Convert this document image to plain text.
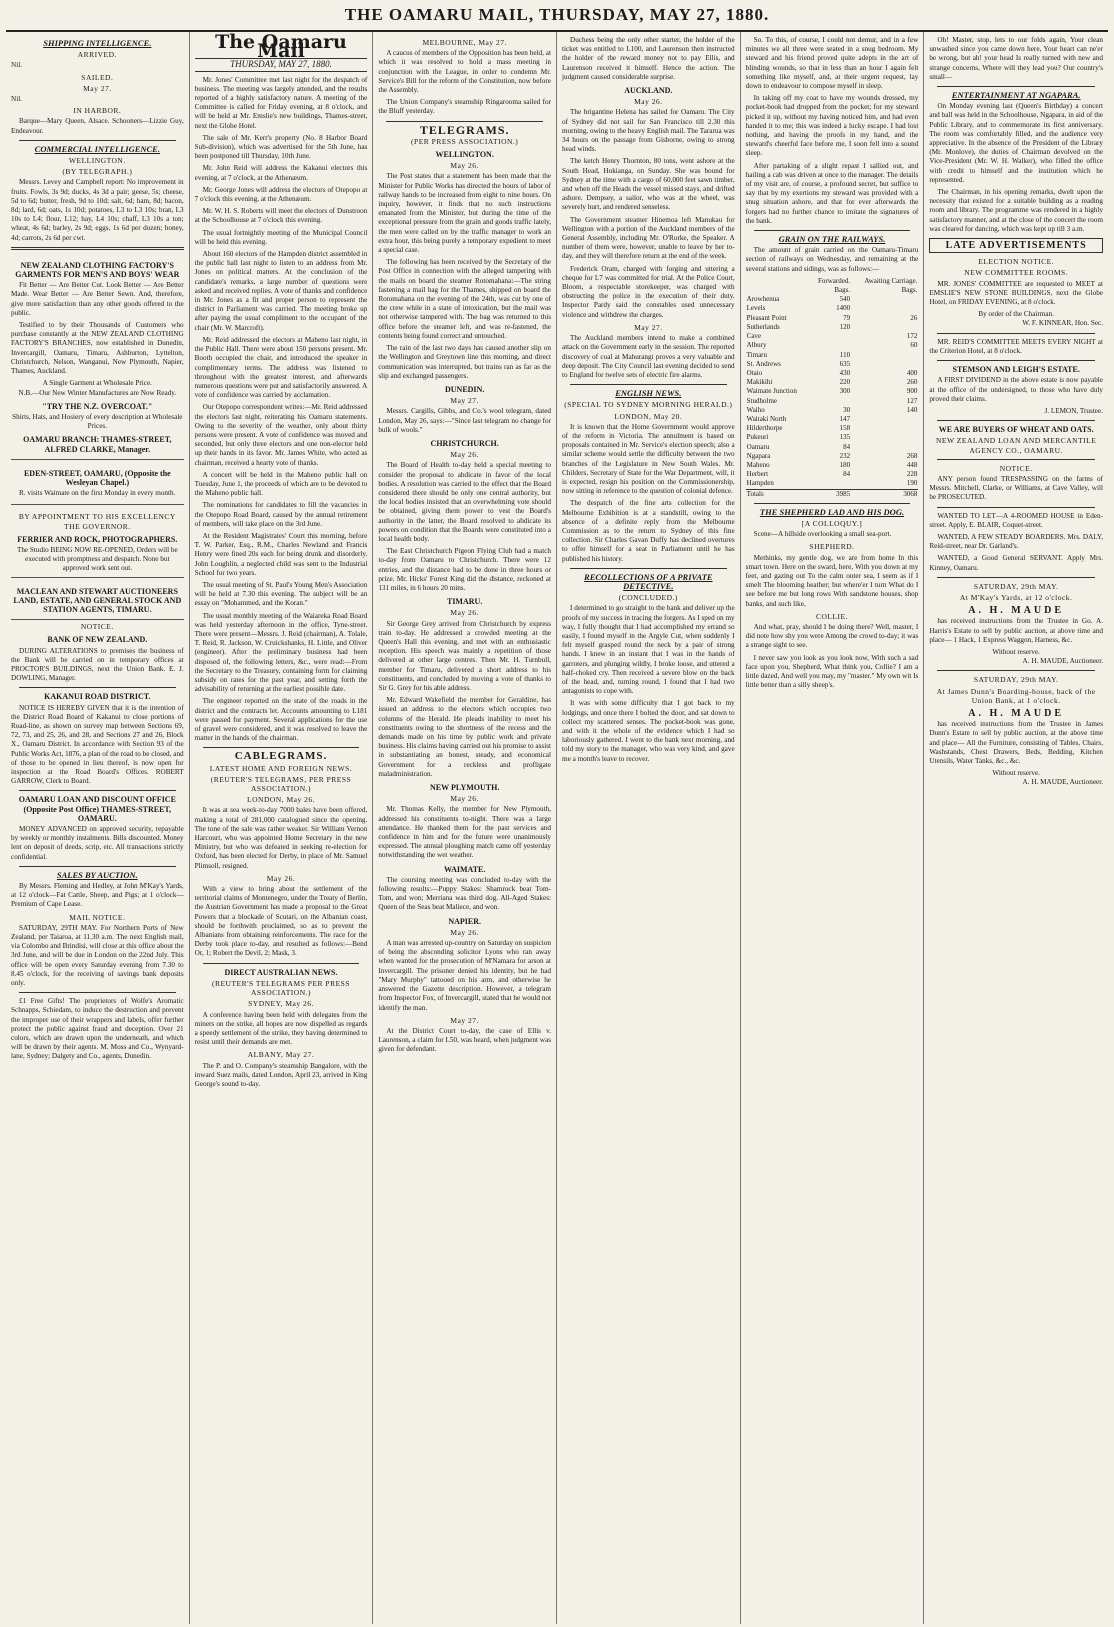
THE OAMARU MAIL, THURSDAY, MAY 27, 1880.
SHIPPING INTELLIGENCE.
ARRIVED.
Nil.
SAILED.
May 27.
Nil.
IN HARBOR.
Barque—Mary Queen, Alsace. Schooners—Lizzie Guy, Endeavour.
COMMERCIAL INTELLIGENCE.
WELLINGTON.
(BY TELEGRAPH.)
Messrs. Levey and Campbell report: No improvement in fruits. Fowls, 3s 9d; ducks, 4s 3d a pair; geese, 5s; cheese, 5d to 6d; butter, fresh, 9d to 10d; salt, 6d; ham, 8d; bacon, 8d; lard, 6d; oats, 1s 10d; potatoes, L3 to L3 10s; bran, L3 10s to L4; flour, L12; hay, L4 10s; chaff, L3 10s a ton; wheat, 4s 6d; barley, 2s 9d; eggs, 1s 6d per dozen; honey, 4d; carrots, 2s 6d per cwt.
NEW ZEALAND CLOTHING FACTORY'S GARMENTS FOR MEN'S AND BOYS' WEAR
Fit Better — Are Better Cut. Look Better — Are Better Made. Wear Better — Are Better Sewn. And, therefore, give more satisfaction than any other goods offered to the public.
Testified to by their Thousands of Customers who purchase constantly at the NEW ZEALAND CLOTHING FACTORY'S BRANCHES, now established in Dunedin, Invercargill, Oamaru, Timaru, Ashburton, Lyttelton, Christchurch, Nelson, Wanganui, New Plymouth, Napier, Thames, Auckland.
A Single Garment at Wholesale Price.
N.B.—Our New Winter Manufactures are Now Ready.
"TRY THE N.Z. OVERCOAT."
Shirts, Hats, and Hosiery of every description at Wholesale Prices.
OAMARU BRANCH: THAMES-STREET, ALFRED CLARKE, Manager.
EDEN-STREET, OAMARU, (Opposite the Wesleyan Chapel.)
R. visits Waimate on the first Monday in every month.
BY APPOINTMENT TO HIS EXCELLENCY THE GOVERNOR.
FERRIER AND ROCK, PHOTOGRAPHERS.
The Studio BEING NOW RE-OPENED, Orders will be executed with promptness and despatch. None but approved work sent out.
MACLEAN AND STEWART AUCTIONEERS LAND, ESTATE, AND GENERAL STOCK AND STATION AGENTS, TIMARU.
NOTICE.
BANK OF NEW ZEALAND.
DURING ALTERATIONS to premises the business of the Bank will be carried on in temporary offices at PROCTOR'S BUILDINGS, next the Union Bank. E. J. DOWLING, Manager.
KAKANUI ROAD DISTRICT.
NOTICE IS HEREBY GIVEN that it is the intention of the District Road Board of Kakanui to close portions of Road-line, as shown on survey map between Sections 69, 72, 73, and 25, 26, and 28, and Sections 27 and 26, Block X., Oamaru District. In accordance with Section 93 of the Public Works Act, 1876, a plan of the road to be closed, and of those to be opened in lieu thereof, is now open for inspection at the Road Board's Offices. ROBERT GARROW, Clerk to Board.
OAMARU LOAN AND DISCOUNT OFFICE (Opposite Post Office) THAMES-STREET, OAMARU.
MONEY ADVANCED on approved security, repayable by weekly or monthly instalments. Bills discounted. Money lent on deposit of deeds, scrip, etc. All transactions strictly confidential.
SALES BY AUCTION.
By Messrs. Fleming and Hedley, at John M'Kay's Yards, at 12 o'clock—Fat Cattle, Sheep, and Pigs; at 1 o'clock—Premium of Cape Lease.
MAIL NOTICE.
SATURDAY, 29TH MAY. For Northern Ports of New Zealand, per Taiaroa, at 11.30 a.m. The next English mail, via Colombo and Brindisi, will close at this office about the 3rd June, and will be due in London on the 22nd July. This office will be open every Saturday evening from 7.30 to 8.45 o'clock, for the receiving of savings bank deposits only.
£1 Free Gifts! The proprietors of Wolfe's Aromatic Schnapps, Schiedam, to induce the destruction and prevent the improper use of their wrappers and labels, offer further protect the public against fraud and deception. Over 21 colors, which are drawn upon the underneath, and which will be drawn by their agents. M. Moss and Co., Wynyard-lane, Sydney; Dalgety and Co., agents, Dunedin.
The Oamaru Mail
THURSDAY, MAY 27, 1880.
Mr. Jones' Committee met last night for the despatch of business. The meeting was largely attended, and the results reported of a highly satisfactory nature. A meeting of the Committee is called for Friday evening, at 8 o'clock, and will be held at Mr. Emslie's new buildings, Thames-street, next the Globe Hotel.
The sale of Mr. Kerr's property (No. 8 Harbor Board Sub-division), which was advertised for the 5th June, has been postponed till Thursday, 10th June.
Mr. John Reid will address the Kakanui electors this evening, at 7 o'clock, at the Athenæum.
Mr. George Jones will address the electors of Otepopo at 7 o'clock this evening, at the Athenæum.
Mr. W. H. S. Roberts will meet the electors of Dunstroon at the Schoolhouse at 7 o'clock this evening.
The usual fortnightly meeting of the Municipal Council will be held this evening.
About 160 electors of the Hampden district assembled in the public hall last night to listen to an address from Mr. Jones on political matters. At the conclusion of the candidate's remarks, a large number of questions were asked and received replies. A vote of thanks and confidence in Mr. Jones as a fit and proper person to represent the district in Parliament was carried. The meeting broke up after paying the usual compliment to the occupant of the chair (Mr. W. Marcroft).
Mr. Reid addressed the electors at Maheno last night, in the Public Hall. There were about 150 persons present. Mr. Booth occupied the chair, and introduced the speaker in complimentary terms. The address was listened to throughout with the greatest interest, and afterwards numerous questions were put and satisfactorily answered. A vote of confidence was carried by acclamation.
Our Otepopo correspondent writes:—Mr. Reid addressed the electors last night, reiterating his Oamaru statements. Owing to the severity of the weather, only about thirty persons were present. A vote of confidence was moved and seconded, but only three electors and one non-elector held up their hands in its favor. Mr. James White, who acted as chairman, received a hearty vote of thanks.
A concert will be held in the Maheno public hall on Tuesday, June 1, the proceeds of which are to be devoted to the Maheno public hall.
The nominations for candidates to fill the vacancies in the Otepopo Road Board, caused by the annual retirement of members, will take place on the 3rd June.
At the Resident Magistrates' Court this morning, before T. W. Parker, Esq., R.M., Charles Newland and Francis Henry were fined 20s each for being drunk and disorderly. John Loughlin, a neglected child was sent to the Industrial School for two years.
The usual meeting of St. Paul's Young Men's Association will be held at 7.30 this evening. The subject will be an essay on "Mohammed, and the Koran."
The usual monthly meeting of the Waiareka Road Board was held yesterday afternoon in the office, Tyne-street. There were present—Messrs. J. Reid (chairman), A. Tolale, T. Reid, R. Jackson, W. Cruickshanks, H. Little, and Oliver (engineer). After the preliminary business had been disposed of, the following letters, &c., were read:—From the Secretary to the Treasury, containing form for claiming subsidy on rates for the past year, and setting forth the advisability of returning at the earliest possible date.
The engineer reported on the state of the roads in the district and the contracts let. Accounts amounting to L181 were passed for payment. Several applications for the use of gravel were considered, and it was resolved to leave the matter in the hands of the chairman.
CABLEGRAMS.
LATEST HOME AND FOREIGN NEWS.
(REUTER'S TELEGRAMS, PER PRESS ASSOCIATION.)
LONDON, May 26.
It was at sea week-to-day 7000 bales have been offered, making a total of 281,000 catalogued since the opening. The tone of the sale was rather weaker. Sir William Vernon Harcourt, who was appointed Home Secretary in the new Ministry, but who was defeated in seeking re-election for Oxford, has been elected for Derby, in place of Mr. Samuel Plimsoll, resigned.
May 26.
With a view to bring about the settlement of the territorial claims of Montenegro, under the Treaty of Berlin, the Austrian Government has made a proposal to the Great Powers that a blockade of Scutari, on the Albanian coast, should be forthwith proclaimed, so as to prevent the Albanians from obtaining reinforcements. The race for the Derby took place to-day, and resulted as follows:—Bend Or, 1; Robert the Devil, 2; Mask, 3.
DIRECT AUSTRALIAN NEWS.
(REUTER'S TELEGRAMS PER PRESS ASSOCIATION.)
SYDNEY, May 26.
A conference having been held with delegates from the miners on the strike, all hopes are now dispelled as regards a speedy settlement of the strike, they having determined to resist until their demands are met.
ALBANY, May 27.
The P. and O. Company's steamship Bangalore, with the inward Suez mails, dated London, April 23, arrived in King George's sound to-day.
MELBOURNE, May 27.
A caucus of members of the Opposition has been held, at which it was resolved to hold a mass meeting in conjunction with the League, in order to condemn Mr. Service's Bill for the reform of the Constitution, now before the Assembly.
The Union Company's steamship Ringarooma sailed for the Bluff yesterday.
TELEGRAMS.
(PER PRESS ASSOCIATION.)
WELLINGTON.
May 26.
The Post states that a statement has been made that the Minister for Public Works has directed the hours of labor of railway hands to be increased from eight to nine hours. On inquiry, however, it finds that no such instructions emanated from the Minister, but during the time of the exceptional pressure from the grain and goods traffic lately, the men were called on by the traffic manager to work an extra hour, this being purely a temporary expedient to meet a special case.
The following has been received by the Secretary of the Post Office in connection with the alleged tampering with the mails on board the steamer Rotomahana:—The string fastening a mail bag for the Thames, shipped on board the Rotomahana on the evening of the 24th, was cut by one of the crew while in a state of intoxication, but the mail was not otherwise tampered with. The bag was returned to this office before the steamer left, and was re-fastened, the contents being found correct and untouched.
The rain of the last two days has caused another slip on the Wellington and Greytown line this morning, and direct communication was interrupted, but trains ran as far as the slip and exchanged passengers.
DUNEDIN.
May 27.
Messrs. Cargills, Gibbs, and Co.'s wool telegram, dated London, May 26, says:—"Since last telegram no change for bulk of wools."
CHRISTCHURCH.
May 26.
The Board of Health to-day held a special meeting to consider the proposal to abdicate in favor of the local bodies. A resolution was carried to the effect that the Board considered there should be only one central authority, but the local bodies insisted that an overwhelming vote should be obtained, giving them power to vest the Board's authority in the latter, the Board resolved to abdicate its powers on condition that the Boards were constituted into a local health body.
The East Christchurch Pigeon Flying Club had a match to-day from Oamaru to Christchurch. There were 12 entries, and the distance had to be done in three hours or prize. Mr. Hicks' Forest King did the distance, reckoned at 131 miles, in 6 hours 20 mins.
TIMARU.
May 26.
Sir George Grey arrived from Christchurch by express train to-day. He addressed a crowded meeting at the Queen's Hall this evening, and met with an enthusiastic reception. His speech was mainly a repetition of those delivered at other large centres. Then Mr. H. Turnbull, member for Timaru, delivered a short address to his constituents, and concluded by moving a vote of thanks to Sir G. Grey for his able address.
Mr. Edward Wakefield the member for Geraldine, has issued an address to the electors which occupies two columns of the Herald. He pleads inability to meet his constituents owing to the shortness of the recess and the demands made on his time by public work and private business. His claims having carried out his promise to assist in substantiating an honest, steady, and economical Government for a reckless and profligate maladministration.
NEW PLYMOUTH.
May 26.
Mr. Thomas Kelly, the member for New Plymouth, addressed his constituents to-night. There was a large attendance. He thanked them for the past services and confidence in him and for the future were unanimously expressed. The annual ploughing match came off yesterday notwithstanding the wet weather.
WAIMATE.
The coursing meeting was concluded to-day with the following results:—Puppy Stakes: Shamrock beat Tom-Tom, and won; Merriana was third dog. All-Aged Stakes: Queen of the Seas beat Maliece, and won.
NAPIER.
May 26.
A man was arrested up-country on Saturday on suspicion of being the absconding solicitor Lyons who ran away when wanted for the prosecution of M'Namara for arson at Invercargill. The prisoner denied his identity, but he had "Mary Murphy" tattooed on his arm, and otherwise he answered the Gazette description. However, a telegram from Inspector Fox, of Invercargill, stated that he would not identify the man.
May 27.
At the District Court to-day, the case of Ellis v. Laurenson, a claim for L50, was heard, when judgment was given for defendant.
Duchess being the only other starter, the holder of the ticket was entitled to L100, and Laurenson then instructed the holder of the reward money not to pay Ellis, and Laurenson received it himself. Hence the action. The judgment caused considerable surprise.
AUCKLAND.
May 26.
The brigantine Helena has sailed for Oamaru. The City of Sydney did not sail for San Francisco till 2.30 this morning, owing to the heavy English mail. The Tararua was 34 hours on the passage from Gisborne, owing to strong head winds.
The ketch Henry Thornton, 80 tons, went ashore at the South Head, Hokianga, on Sunday. She was bound for Sydney at the time with a cargo of 60,000 feet sawn timber, and when off the Heads the vessel missed stays, and drifted ashore. Dempsey, a sailor, who was at the wheel, was severely hurt, and rendered senseless.
The Government steamer Hinemoa left Manukau for Wellington with a portion of the Auckland members of the General Assembly, including Mr. O'Rorke, the Speaker. A number of them were, however, unable to leave by her to-day, and they will therefore return at the end of the week.
Frederick Oram, charged with forging and uttering a cheque for L7 was committed for trial. At the Police Court, Bloom, a respectable storekeeper, was charged with obstructing the police in the execution of their duty. Inspector Pardy said the constables used unnecessary violence and withdrew the charges.
May 27.
The Auckland members intend to make a combined attack on the Government early in the session. The reported discovery of coal at Mahurangi proves a very valuable and deep deposit. The City Council last evening decided to send to England for twelve sets of electric fire alarms.
ENGLISH NEWS.
(SPECIAL TO SYDNEY MORNING HERALD.)
LONDON, May 20.
It is known that the Home Government would approve of the reform in Victoria. The annulment is based on proposals contained in Mr. Service's election speech; also a similar scheme would settle the difficulty between the two branches of the Legislature in New South Wales. Mr. Childers, Secretary of State for the War Department, will, it is expected, resign his position on the Commissionership, now sitting in reference to the question of colonial defence.
The despatch of the fine arts collection for the Melbourne Exhibition is at a standstill, owing to the absence of a definite reply from the Melbourne Commission as to the return to Sydney of this fine collection. Sir Charles Gavan Duffy has declined overtures to offer himself for a seat in Parliament until he has published his history.
RECOLLECTIONS OF A PRIVATE DETECTIVE.
(CONCLUDED.)
I determined to go straight to the bank and deliver up the proofs of my success in tracing the forgers. As I sped on my way, I fully thought that I had accomplished my errand so easily, I found myself in the Argyle Cut, when suddenly I felt myself grasped round the neck by a pair of strong hands. I knew in an instant that I was in the hands of garroters, and plunging wildly, I broke loose, and uttered a half-choked cry. Then received a severe blow on the back of the head, and, turning round, I found that I had two antagonists to cope with.
It was with some difficulty that I got back to my lodgings, and once there I bolted the door, and sat down to collect my scattered senses. The pocket-book was gone, and with it the whole of the evidence which I had so laboriously gathered. I went to the bank next morning, and told my story to the manager, who was very kind, and gave me a month's leave to recover.
So. To this, of course, I could not demur, and in a few minutes we all three were seated in a snug bedroom. My steward and his friend proved quite adepts in the art of blinding wounds, so that in less than an hour I again felt something like myself, and, at their urgent request, lay down to endeavour to compose myself in sleep.
In taking off my coat to have my wounds dressed, my pocket-book had dropped from the pocket; for my steward picked it up, without my having noticed him, and had even handed it to me; this was indeed a lucky escape. I had lost nothing, and having the proofs in my hand, and the steward's cheerful face before me, I soon fell into a sound sleep.
After partaking of a slight repast I sallied out, and hailing a cab was driven at once to the manager. The details of my visit are, of course, a profound secret, but suffice to say that by my exertions my steward was provided with a snug situation ashore, and that for ever afterwards the forgers had no further chance to imitate the signatures of the bank.
GRAIN ON THE RAILWAYS.
The amount of grain carried on the Oamaru-Timaru section of railways on Wednesday, and remaining at the several stations and sidings, was as follows:—
	Forwarded.	Awaiting Carriage.
	Bags.	Bags.
Arowhenua	540	
Levels	1400	
Pleasant Point	79	26
Sutherlands	120	
Cave		172
Albury		60
Timaru	110	
St. Andrews	635	
Otaio	430	400
Makikihi	220	260
Waimate Junction	300	900
Studholme		127
Waiho	30	140
Waitaki North	147	
Hilderthorpe	158	
Pukeuri	135	
Oamaru	84	
Ngapara	232	268
Maheno	180	448
Herbert	84	228
Hampden		190
Totals	3985	3068
THE SHEPHERD LAD AND HIS DOG.
[A COLLOQUY.]
Scene—A hillside overlooking a small sea-port.
SHEPHERD.
Methinks, my gentle dog, we are from home In this smart town. Here on the sward, here, With you down at my feet, and gazing out To the calm outer sea, I seem as if I smelt The blooming heather; but where'er I turn What do I see before me but long rows With sandstone houses, shop banks, and such like,
COLLIE.
And what, pray, should I be doing there? Well, master, I did note how shy you were Among the crowd to-day; it was a strange sight to see.
I never saw you look as you look now, With such a sad face upon you, Shepherd, What think you, Collie? I am a little dazed, And well you may, my "master." My own wit Is little better than a silly sheep's.
Oh! Master, stop, lets to our folds again, Your clean unwashed since you came down here, Your heart can ne'er be wrong, but ah! your head Is really turned with new and strange concerns, Where will they lead you? Our country's small—
ENTERTAINMENT AT NGAPARA.
On Monday evening last (Queen's Birthday) a concert and ball was held in the Schoolhouse, Ngapara, in aid of the Public Library, and to commemorate its first anniversary. The room was comfortably filled, and the audience very appreciative. In the absence of the President of the Library (Mr. Monlove), the duties of Chairman devolved on the Vice-President (Mr. W. H. Walker), who filled the office with credit to himself and the institution which he represented.
The Chairman, in his opening remarks, dwelt upon the necessity that existed for a suitable building as a reading room and library. The programme was rendered in a highly satisfactory manner, and at the close of the concert the room was cleared for dancing, which was kept up till 3 a.m.
LATE ADVERTISEMENTS
ELECTION NOTICE.
NEW COMMITTEE ROOMS.
MR. JONES' COMMITTEE are requested to MEET at EMSLIE'S NEW STONE BUILDINGS, next the Globe Hotel, on FRIDAY EVENING, at 8 o'clock.
By order of the Chairman.
W. F. KINNEAR, Hon. Sec.
MR. REID'S COMMITTEE MEETS EVERY NIGHT at the Criterion Hotel, at 8 o'clock.
STEMSON AND LEIGH'S ESTATE.
A FIRST DIVIDEND in the above estate is now payable at the office of the undersigned, to those who have duly proved their claims.
J. LEMON, Trustee.
WE ARE BUYERS OF WHEAT AND OATS.
NEW ZEALAND LOAN AND MERCANTILE AGENCY CO., OAMARU.
NOTICE.
ANY person found TRESPASSING on the farms of Messrs. Mitchell, Clarke, or Williams, at Cave Valley, will be PROSECUTED.
WANTED TO LET—A 4-ROOMED HOUSE in Eden-street. Apply, E. BLAIR, Coquet-street.
WANTED, A FEW STEADY BOARDERS. Mrs. DALY, Reid-street, near Dr. Garland's.
WANTED, a Good General SERVANT. Apply Mrs. Kinney, Oamaru.
SATURDAY, 29th MAY.
At M'Kay's Yards, at 12 o'clock.
A. H. MAUDE
has received instructions from the Trustee in Go. A. Harris's Estate to sell by public auction, at above time and place— 1 Hack, 1 Express Waggon, Harness, &c.
Without reserve.
A. H. MAUDE, Auctioneer.
SATURDAY, 29th MAY.
At James Dunn's Boarding-house, back of the Union Bank, at 1 o'clock.
A. H. MAUDE
has received instructions from the Trustee in James Dunn's Estate to sell by public auction, at the above time and place— All the Furniture, consisting of Tables, Chairs, Washstands, Chest Drawers, Beds, Bedding, Kitchen Utensils, Water Tanks, &c., &c.
Without reserve.
A. H. MAUDE, Auctioneer.
